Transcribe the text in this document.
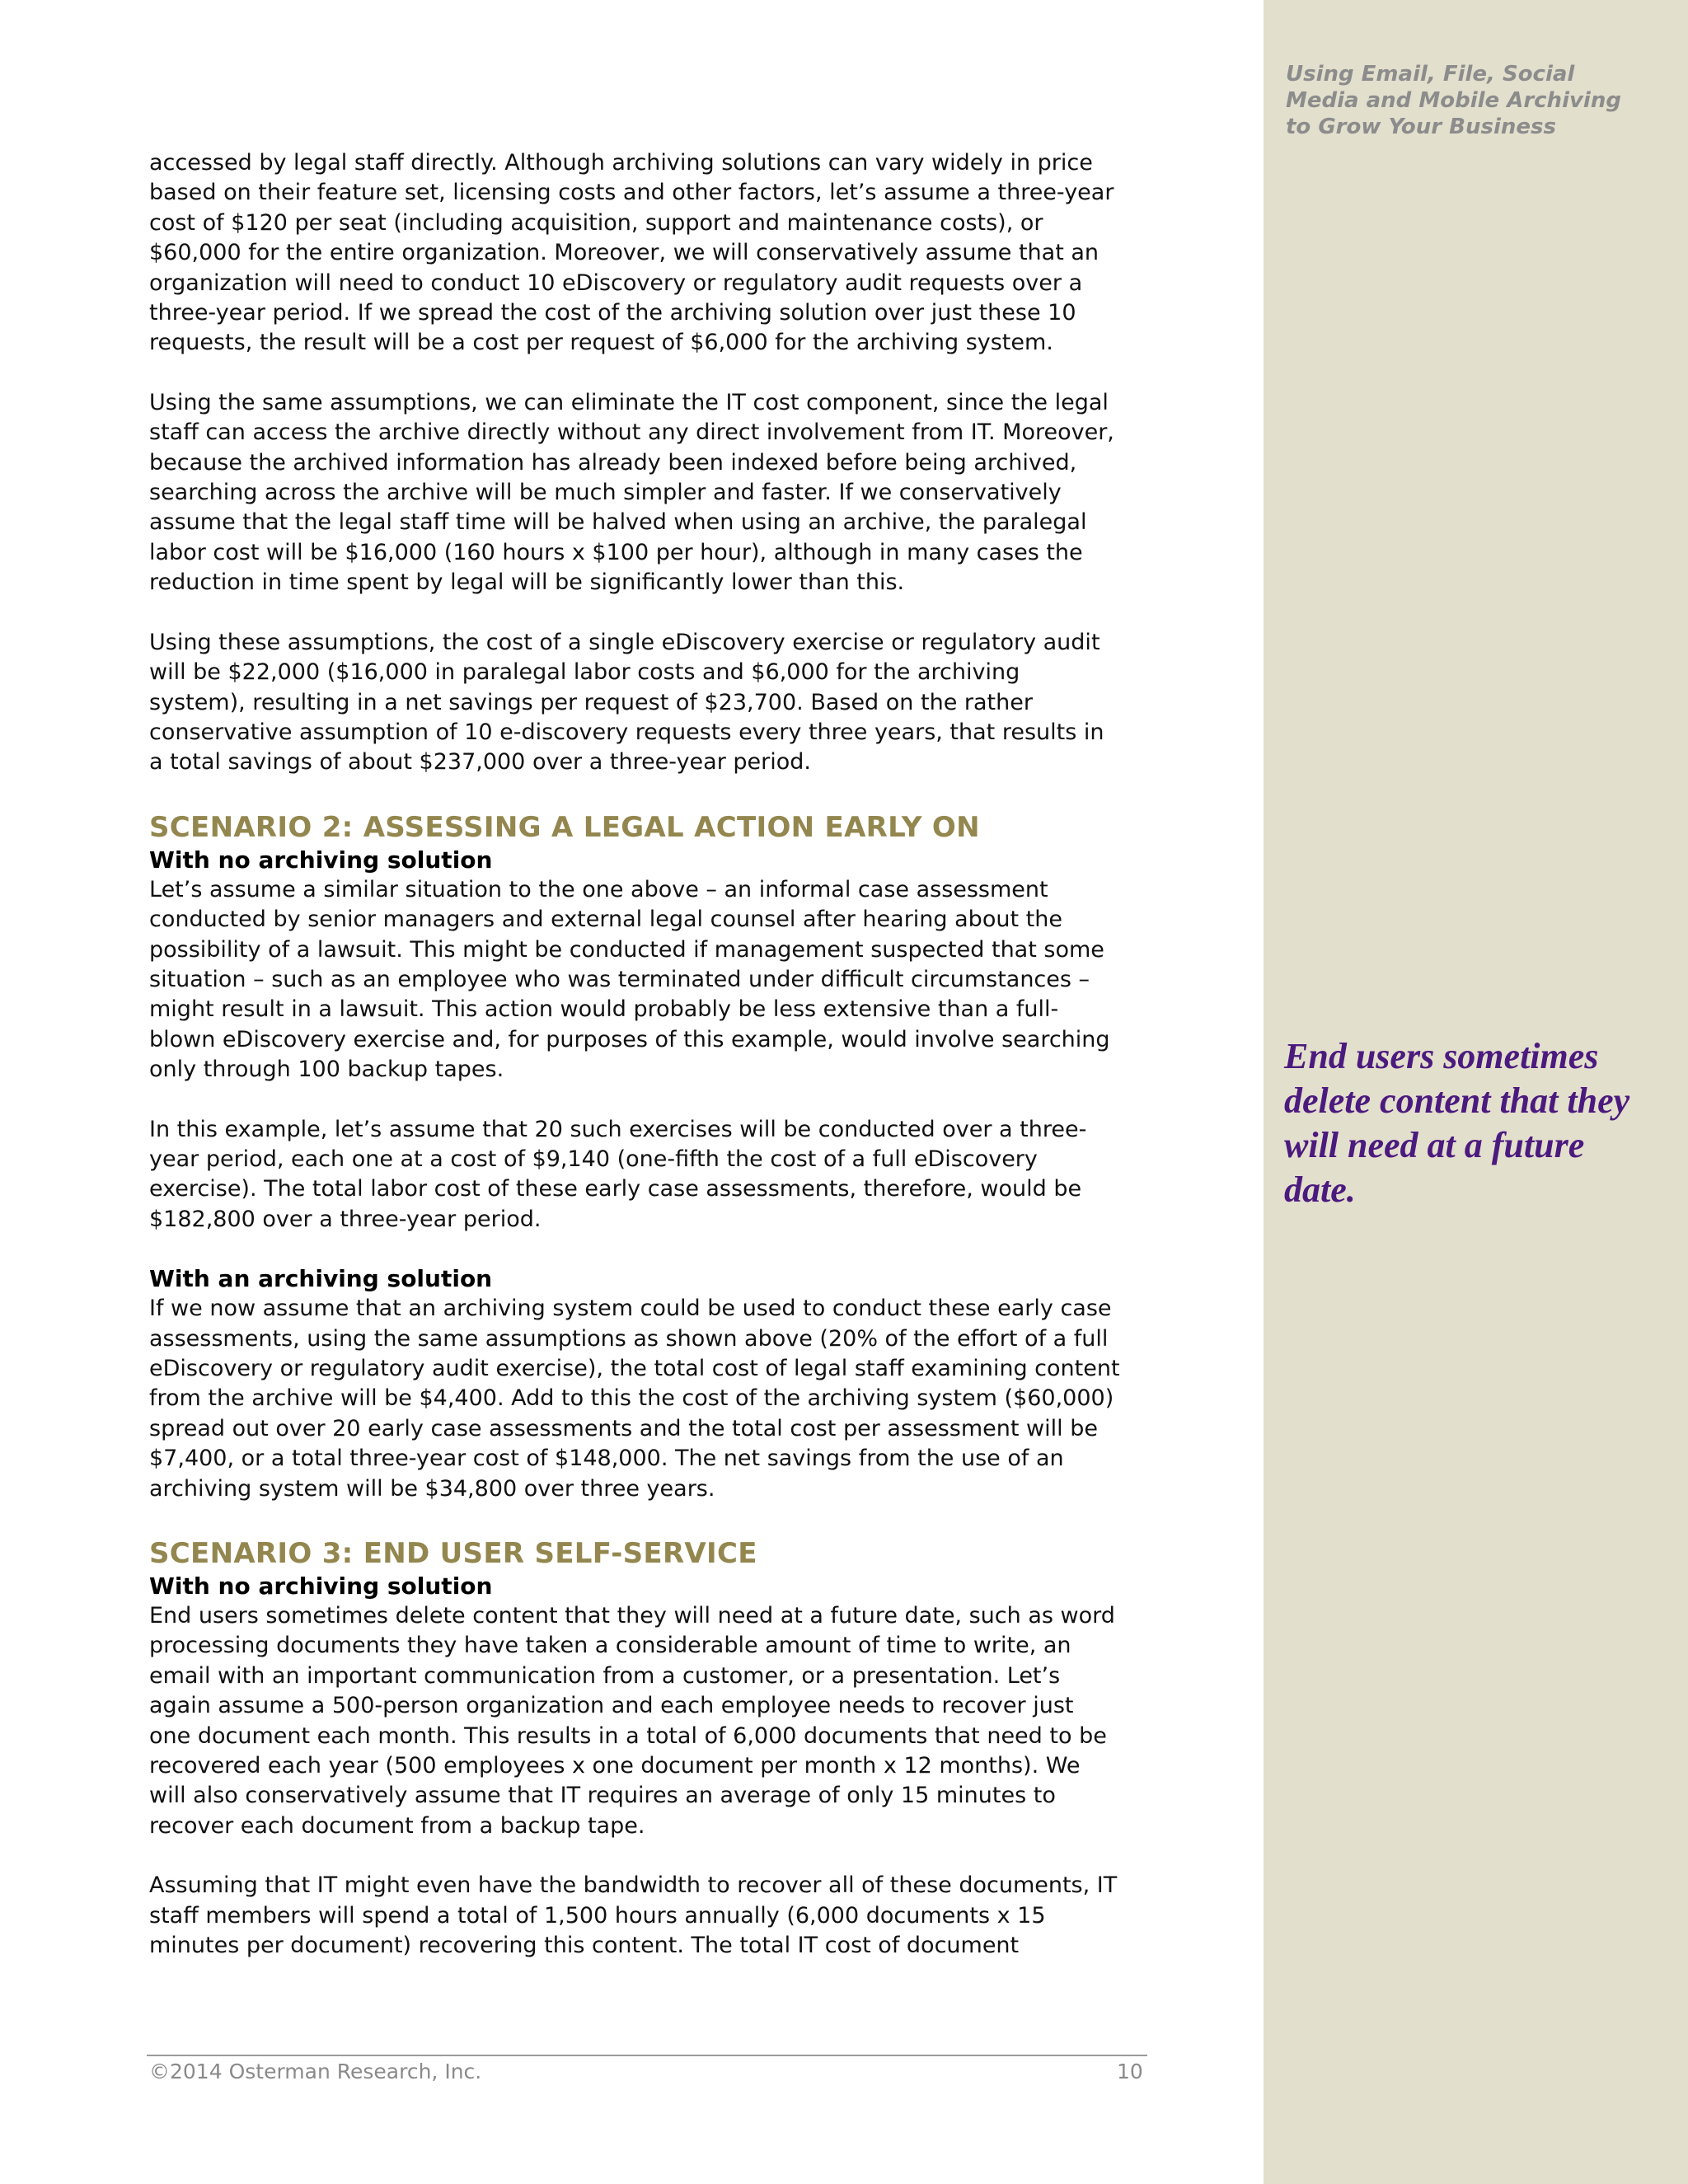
Using Email, File, Social Media and Mobile Archiving to Grow Your Business
End users sometimes delete content that they will need at a future date.

accessed by legal staff directly. Although archiving solutions can vary widely in price based on their feature set, licensing costs and other factors, let’s assume a three-year cost of $120 per seat (including acquisition, support and maintenance costs), or $60,000 for the entire organization. Moreover, we will conservatively assume that an organization will need to conduct 10 eDiscovery or regulatory audit requests over a three-year period. If we spread the cost of the archiving solution over just these 10 requests, the result will be a cost per request of $6,000 for the archiving system.

Using the same assumptions, we can eliminate the IT cost component, since the legal staff can access the archive directly without any direct involvement from IT. Moreover, because the archived information has already been indexed before being archived, searching across the archive will be much simpler and faster. If we conservatively assume that the legal staff time will be halved when using an archive, the paralegal labor cost will be $16,000 (160 hours x $100 per hour), although in many cases the reduction in time spent by legal will be significantly lower than this.

Using these assumptions, the cost of a single eDiscovery exercise or regulatory audit will be $22,000 ($16,000 in paralegal labor costs and $6,000 for the archiving system), resulting in a net savings per request of $23,700. Based on the rather conservative assumption of 10 e-discovery requests every three years, that results in a total savings of about $237,000 over a three-year period.

SCENARIO 2: ASSESSING A LEGAL ACTION EARLY ON
With no archiving solution

Let’s assume a similar situation to the one above – an informal case assessment conducted by senior managers and external legal counsel after hearing about the possibility of a lawsuit. This might be conducted if management suspected that some situation – such as an employee who was terminated under difficult circumstances – might result in a lawsuit. This action would probably be less extensive than a full-blown eDiscovery exercise and, for purposes of this example, would involve searching only through 100 backup tapes.

In this example, let’s assume that 20 such exercises will be conducted over a three-year period, each one at a cost of $9,140 (one-fifth the cost of a full eDiscovery exercise). The total labor cost of these early case assessments, therefore, would be $182,800 over a three-year period.

With an archiving solution

If we now assume that an archiving system could be used to conduct these early case assessments, using the same assumptions as shown above (20% of the effort of a full eDiscovery or regulatory audit exercise), the total cost of legal staff examining content from the archive will be $4,400. Add to this the cost of the archiving system ($60,000) spread out over 20 early case assessments and the total cost per assessment will be $7,400, or a total three-year cost of $148,000. The net savings from the use of an archiving system will be $34,800 over three years.

SCENARIO 3: END USER SELF-SERVICE
With no archiving solution

End users sometimes delete content that they will need at a future date, such as word processing documents they have taken a considerable amount of time to write, an email with an important communication from a customer, or a presentation. Let’s again assume a 500-person organization and each employee needs to recover just one document each month. This results in a total of 6,000 documents that need to be recovered each year (500 employees x one document per month x 12 months). We will also conservatively assume that IT requires an average of only 15 minutes to recover each document from a backup tape.

Assuming that IT might even have the bandwidth to recover all of these documents, IT staff members will spend a total of 1,500 hours annually (6,000 documents x 15 minutes per document) recovering this content. The total IT cost of document

©2014 Osterman Research, Inc.	10
